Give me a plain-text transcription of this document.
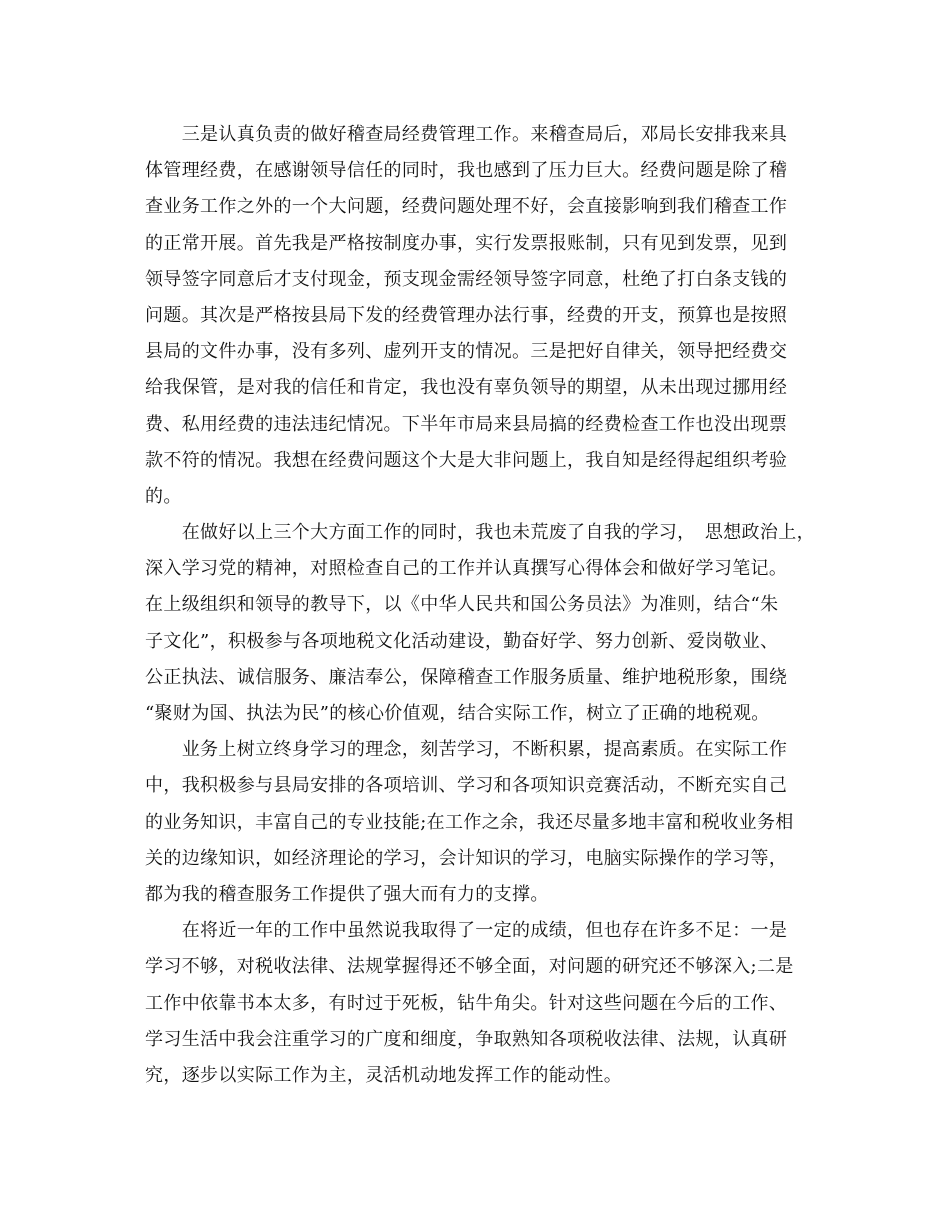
　　三是认真负责的做好稽查局经费管理工作。来稽查局后，邓局长安排我来具
体管理经费，在感谢领导信任的同时，我也感到了压力巨大。经费问题是除了稽
查业务工作之外的一个大问题，经费问题处理不好，会直接影响到我们稽查工作
的正常开展。首先我是严格按制度办事，实行发票报账制，只有见到发票，见到
领导签字同意后才支付现金，预支现金需经领导签字同意，杜绝了打白条支钱的
问题。其次是严格按县局下发的经费管理办法行事，经费的开支，预算也是按照
县局的文件办事，没有多列、虚列开支的情况。三是把好自律关，领导把经费交
给我保管，是对我的信任和肯定，我也没有辜负领导的期望，从未出现过挪用经
费、私用经费的违法违纪情况。下半年市局来县局搞的经费检查工作也没出现票
款不符的情况。我想在经费问题这个大是大非问题上，我自知是经得起组织考验
的。
　　在做好以上三个大方面工作的同时，我也未荒废了自我的学习，　思想政治上，
深入学习党的精神，对照检查自己的工作并认真撰写心得体会和做好学习笔记。
在上级组织和领导的教导下，以《中华人民共和国公务员法》为准则，结合“朱
子文化”，积极参与各项地税文化活动建设，勤奋好学、努力创新、爱岗敬业、
公正执法、诚信服务、廉洁奉公，保障稽查工作服务质量、维护地税形象，围绕
“聚财为国、执法为民”的核心价值观，结合实际工作，树立了正确的地税观。
　　业务上树立终身学习的理念，刻苦学习，不断积累，提高素质。在实际工作
中，我积极参与县局安排的各项培训、学习和各项知识竞赛活动，不断充实自己
的业务知识，丰富自己的专业技能;在工作之余，我还尽量多地丰富和税收业务相
关的边缘知识，如经济理论的学习，会计知识的学习，电脑实际操作的学习等，
都为我的稽查服务工作提供了强大而有力的支撑。
　　在将近一年的工作中虽然说我取得了一定的成绩，但也存在许多不足：一是
学习不够，对税收法律、法规掌握得还不够全面，对问题的研究还不够深入;二是
工作中依靠书本太多，有时过于死板，钻牛角尖。针对这些问题在今后的工作、
学习生活中我会注重学习的广度和细度，争取熟知各项税收法律、法规，认真研
究，逐步以实际工作为主，灵活机动地发挥工作的能动性。
